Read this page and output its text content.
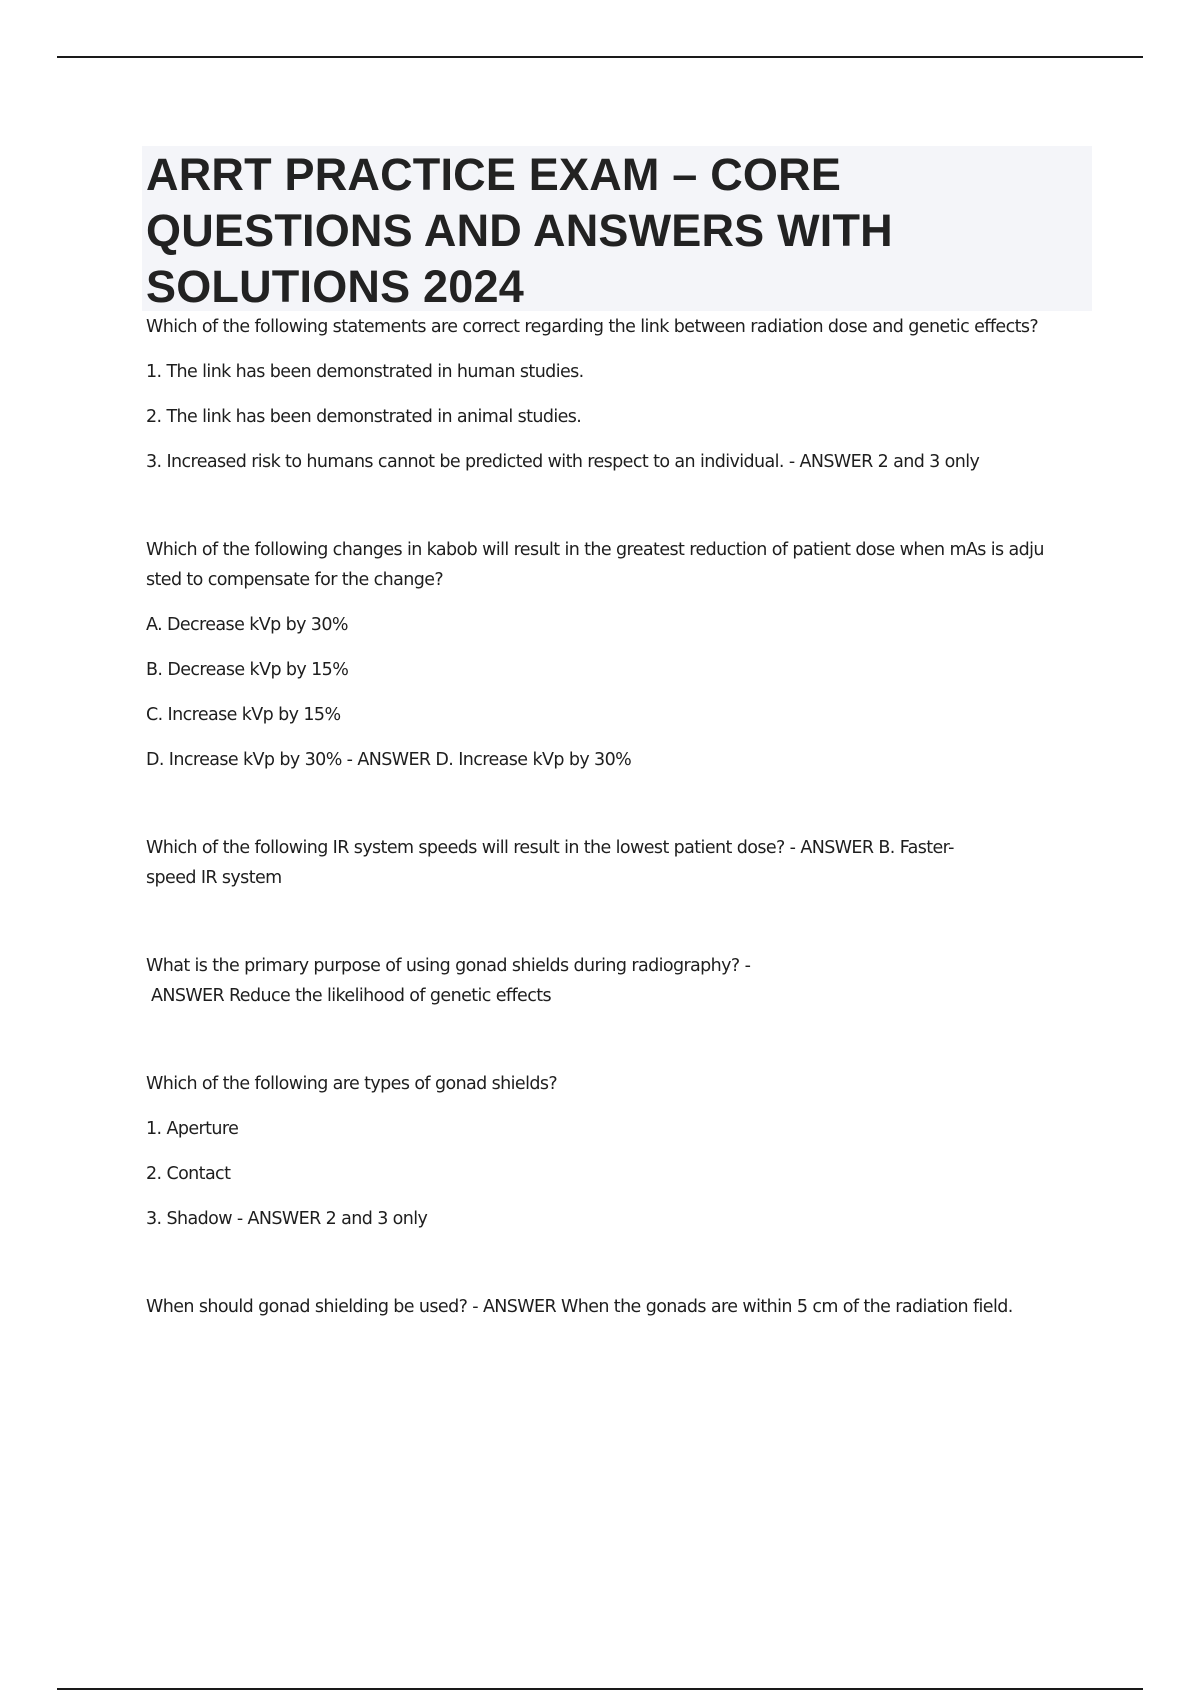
ARRT PRACTICE EXAM – CORE QUESTIONS AND ANSWERS WITH SOLUTIONS 2024

Which of the following statements are correct regarding the link between radiation dose and genetic effects?

1. The link has been demonstrated in human studies.

2. The link has been demonstrated in animal studies.

3. Increased risk to humans cannot be predicted with respect to an individual. - ANSWER 2 and 3 only

Which of the following changes in kabob will result in the greatest reduction of patient dose when mAs is adju

sted to compensate for the change?

A. Decrease kVp by 30%

B. Decrease kVp by 15%

C. Increase kVp by 15%

D. Increase kVp by 30% - ANSWER D. Increase kVp by 30%

Which of the following IR system speeds will result in the lowest patient dose? - ANSWER B. Faster-

speed IR system

What is the primary purpose of using gonad shields during radiography? -

ANSWER Reduce the likelihood of genetic effects

Which of the following are types of gonad shields?

1. Aperture

2. Contact

3. Shadow - ANSWER 2 and 3 only

When should gonad shielding be used? - ANSWER When the gonads are within 5 cm of the radiation field.
